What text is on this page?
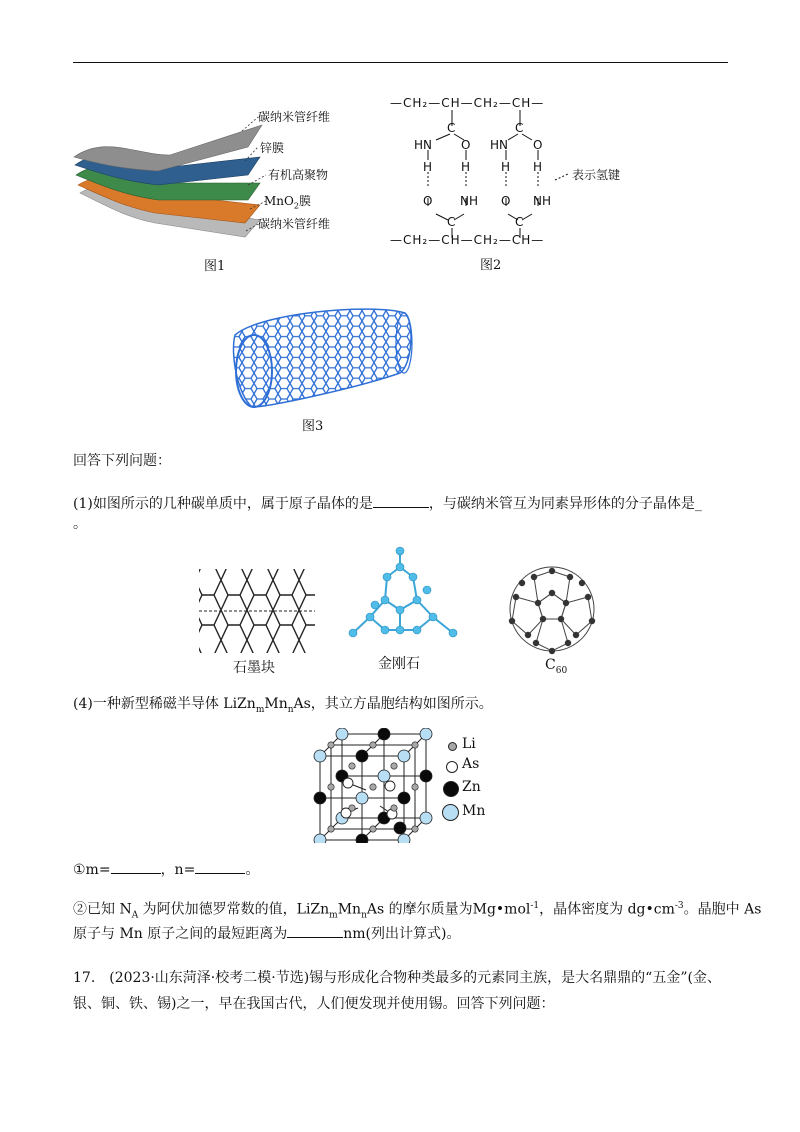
碳纳米管纤维
锌膜
有机高聚物
MnO$_2$膜
碳纳米管纤维
图1
—CH₂—CH—CH₂—CH—
—CH₂—CH—CH₂—CH—
C	C
HN O HN O
H H	H H
O NH O NH
C	C
表示氢键
图2
图3
回答下列问题：
(1)如图所示的几种碳单质中，属于原子晶体的是	，与碳纳米管互为同素异形体的分子晶体是_
。
石墨块	金刚石	$C_{60}$
(4)一种新型稀磁半导体 $LiZn_mMn_nAs$，其立方晶胞结构如图所示。
Li
As
Zn
Mn
①m=	，n=	。
②已知 $N_A$ 为阿伏加德罗常数的值，$LiZn_mMn_nAs$ 的摩尔质量为Mg•mol$^{-1}$，晶体密度为 $dg•cm^{-3}$。晶胞中 As
原子与 Mn 原子之间的最短距离为	nm(列出计算式)。
17.　(2023·山东菏泽·校考二模·节选)锡与形成化合物种类最多的元素同主族，是大名鼎鼎的“五金”(金、
银、铜、铁、锡)之一，早在我国古代，人们便发现并使用锡。回答下列问题：
